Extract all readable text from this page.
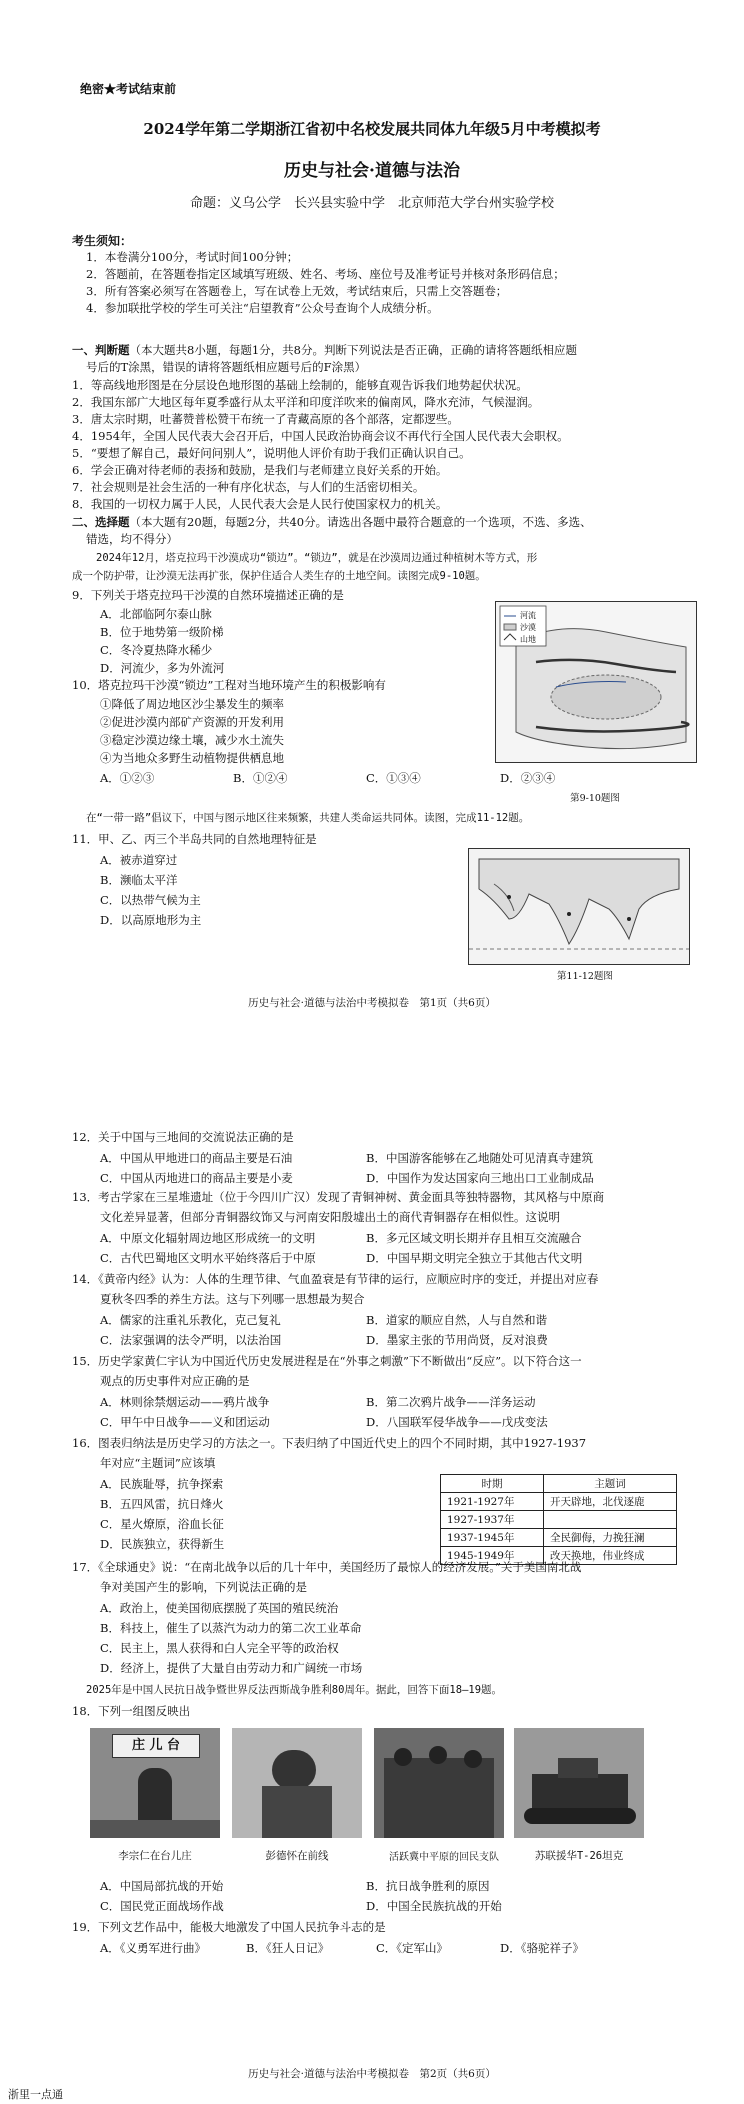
绝密★考试结束前
2024学年第二学期浙江省初中名校发展共同体九年级5月中考模拟考
历史与社会·道德与法治
命题：义乌公学　长兴县实验中学　北京师范大学台州实验学校
考生须知：
1．本卷满分100分，考试时间100分钟；
2．答题前，在答题卷指定区域填写班级、姓名、考场、座位号及准考证号并核对条形码信息；
3．所有答案必须写在答题卷上，写在试卷上无效，考试结束后，只需上交答题卷；
4．参加联批学校的学生可关注“启望教育”公众号查询个人成绩分析。
一、判断题（本大题共8小题，每题1分，共8分。判断下列说法是否正确，正确的请将答题纸相应题
号后的T涂黑，错误的请将答题纸相应题号后的F涂黑）
1．等高线地形图是在分层设色地形图的基础上绘制的，能够直观告诉我们地势起伏状况。
2．我国东部广大地区每年夏季盛行从太平洋和印度洋吹来的偏南风，降水充沛，气候湿润。
3．唐太宗时期，吐蕃赞普松赞干布统一了青藏高原的各个部落，定都逻些。
4．1954年，全国人民代表大会召开后，中国人民政治协商会议不再代行全国人民代表大会职权。
5．“要想了解自己，最好问问别人”，说明他人评价有助于我们正确认识自己。
6．学会正确对待老师的表扬和鼓励，是我们与老师建立良好关系的开始。
7．社会规则是社会生活的一种有序化状态，与人们的生活密切相关。
8．我国的一切权力属于人民，人民代表大会是人民行使国家权力的机关。
二、选择题（本大题有20题，每题2分，共40分。请选出各题中最符合题意的一个选项，不选、多选、
错选，均不得分）
2024年12月，塔克拉玛干沙漠成功“锁边”。“锁边”，就是在沙漠周边通过种植树木等方式，形
成一个防护带，让沙漠无法再扩张，保护住适合人类生存的土地空间。读图完成9-10题。
9．下列关于塔克拉玛干沙漠的自然环境描述正确的是
A．北部临阿尔泰山脉
B．位于地势第一级阶梯
C．冬冷夏热降水稀少
D．河流少，多为外流河
10．塔克拉玛干沙漠“锁边”工程对当地环境产生的积极影响有
①降低了周边地区沙尘暴发生的频率
②促进沙漠内部矿产资源的开发利用
③稳定沙漠边缘土壤，减少水土流失
④为当地众多野生动植物提供栖息地
A．①②③	B．①②④	C．①③④	D．②③④
河流
沙漠
山地
第9-10题图
在“一带一路”倡议下，中国与图示地区往来频繁，共建人类命运共同体。读图，完成11-12题。
11．甲、乙、丙三个半岛共同的自然地理特征是
A．被赤道穿过
B．濒临太平洋
C．以热带气候为主
D．以高原地形为主
第11-12题图
历史与社会·道德与法治中考模拟卷　第1页（共6页）
12．关于中国与三地间的交流说法正确的是
A．中国从甲地进口的商品主要是石油	B．中国游客能够在乙地随处可见清真寺建筑
C．中国从丙地进口的商品主要是小麦	D．中国作为发达国家向三地出口工业制成品
13．考古学家在三星堆遗址（位于今四川广汉）发现了青铜神树、黄金面具等独特器物，其风格与中原商
文化差异显著，但部分青铜器纹饰又与河南安阳殷墟出土的商代青铜器存在相似性。这说明
A．中原文化辐射周边地区形成统一的文明	B．多元区域文明长期并存且相互交流融合
C．古代巴蜀地区文明水平始终落后于中原	D．中国早期文明完全独立于其他古代文明
14．《黄帝内经》认为：人体的生理节律、气血盈衰是有节律的运行，应顺应时序的变迁，并提出对应春
夏秋冬四季的养生方法。这与下列哪一思想最为契合
A．儒家的注重礼乐教化，克己复礼	B．道家的顺应自然，人与自然和谐
C．法家强调的法令严明，以法治国	D．墨家主张的节用尚贤，反对浪费
15．历史学家黄仁宇认为中国近代历史发展进程是在“外事之刺激”下不断做出“反应”。以下符合这一
观点的历史事件对应正确的是
A．林则徐禁烟运动——鸦片战争	B．第二次鸦片战争——洋务运动
C．甲午中日战争——义和团运动	D．八国联军侵华战争——戊戌变法
16．图表归纳法是历史学习的方法之一。下表归纳了中国近代史上的四个不同时期，其中1927-1937
年对应“主题词”应该填
A．民族耻辱，抗争探索
B．五四风雷，抗日烽火
C．星火燎原，浴血长征
D．民族独立，获得新生
时期	主题词
1921-1927年	开天辟地，北伐逐鹿
1927-1937年	
1937-1945年	全民御侮，力挽狂澜
1945-1949年	改天换地，伟业终成
17．《全球通史》说：“在南北战争以后的几十年中，美国经历了最惊人的经济发展。”关于美国南北战
争对美国产生的影响，下列说法正确的是
A．政治上，使美国彻底摆脱了英国的殖民统治
B．科技上，催生了以蒸汽为动力的第二次工业革命
C．民主上，黑人获得和白人完全平等的政治权
D．经济上，提供了大量自由劳动力和广阔统一市场
2025年是中国人民抗日战争暨世界反法西斯战争胜利80周年。据此，回答下面18—19题。
18．下列一组图反映出
庄 儿 台
李宗仁在台儿庄	彭德怀在前线	活跃冀中平原的回民支队	苏联援华T-26坦克
A．中国局部抗战的开始	B．抗日战争胜利的原因
C．国民党正面战场作战	D．中国全民族抗战的开始
19．下列文艺作品中，能极大地激发了中国人民抗争斗志的是
A．《义勇军进行曲》	B．《狂人日记》	C．《定军山》	D．《骆驼祥子》
历史与社会·道德与法治中考模拟卷　第2页（共6页）
浙里一点通
